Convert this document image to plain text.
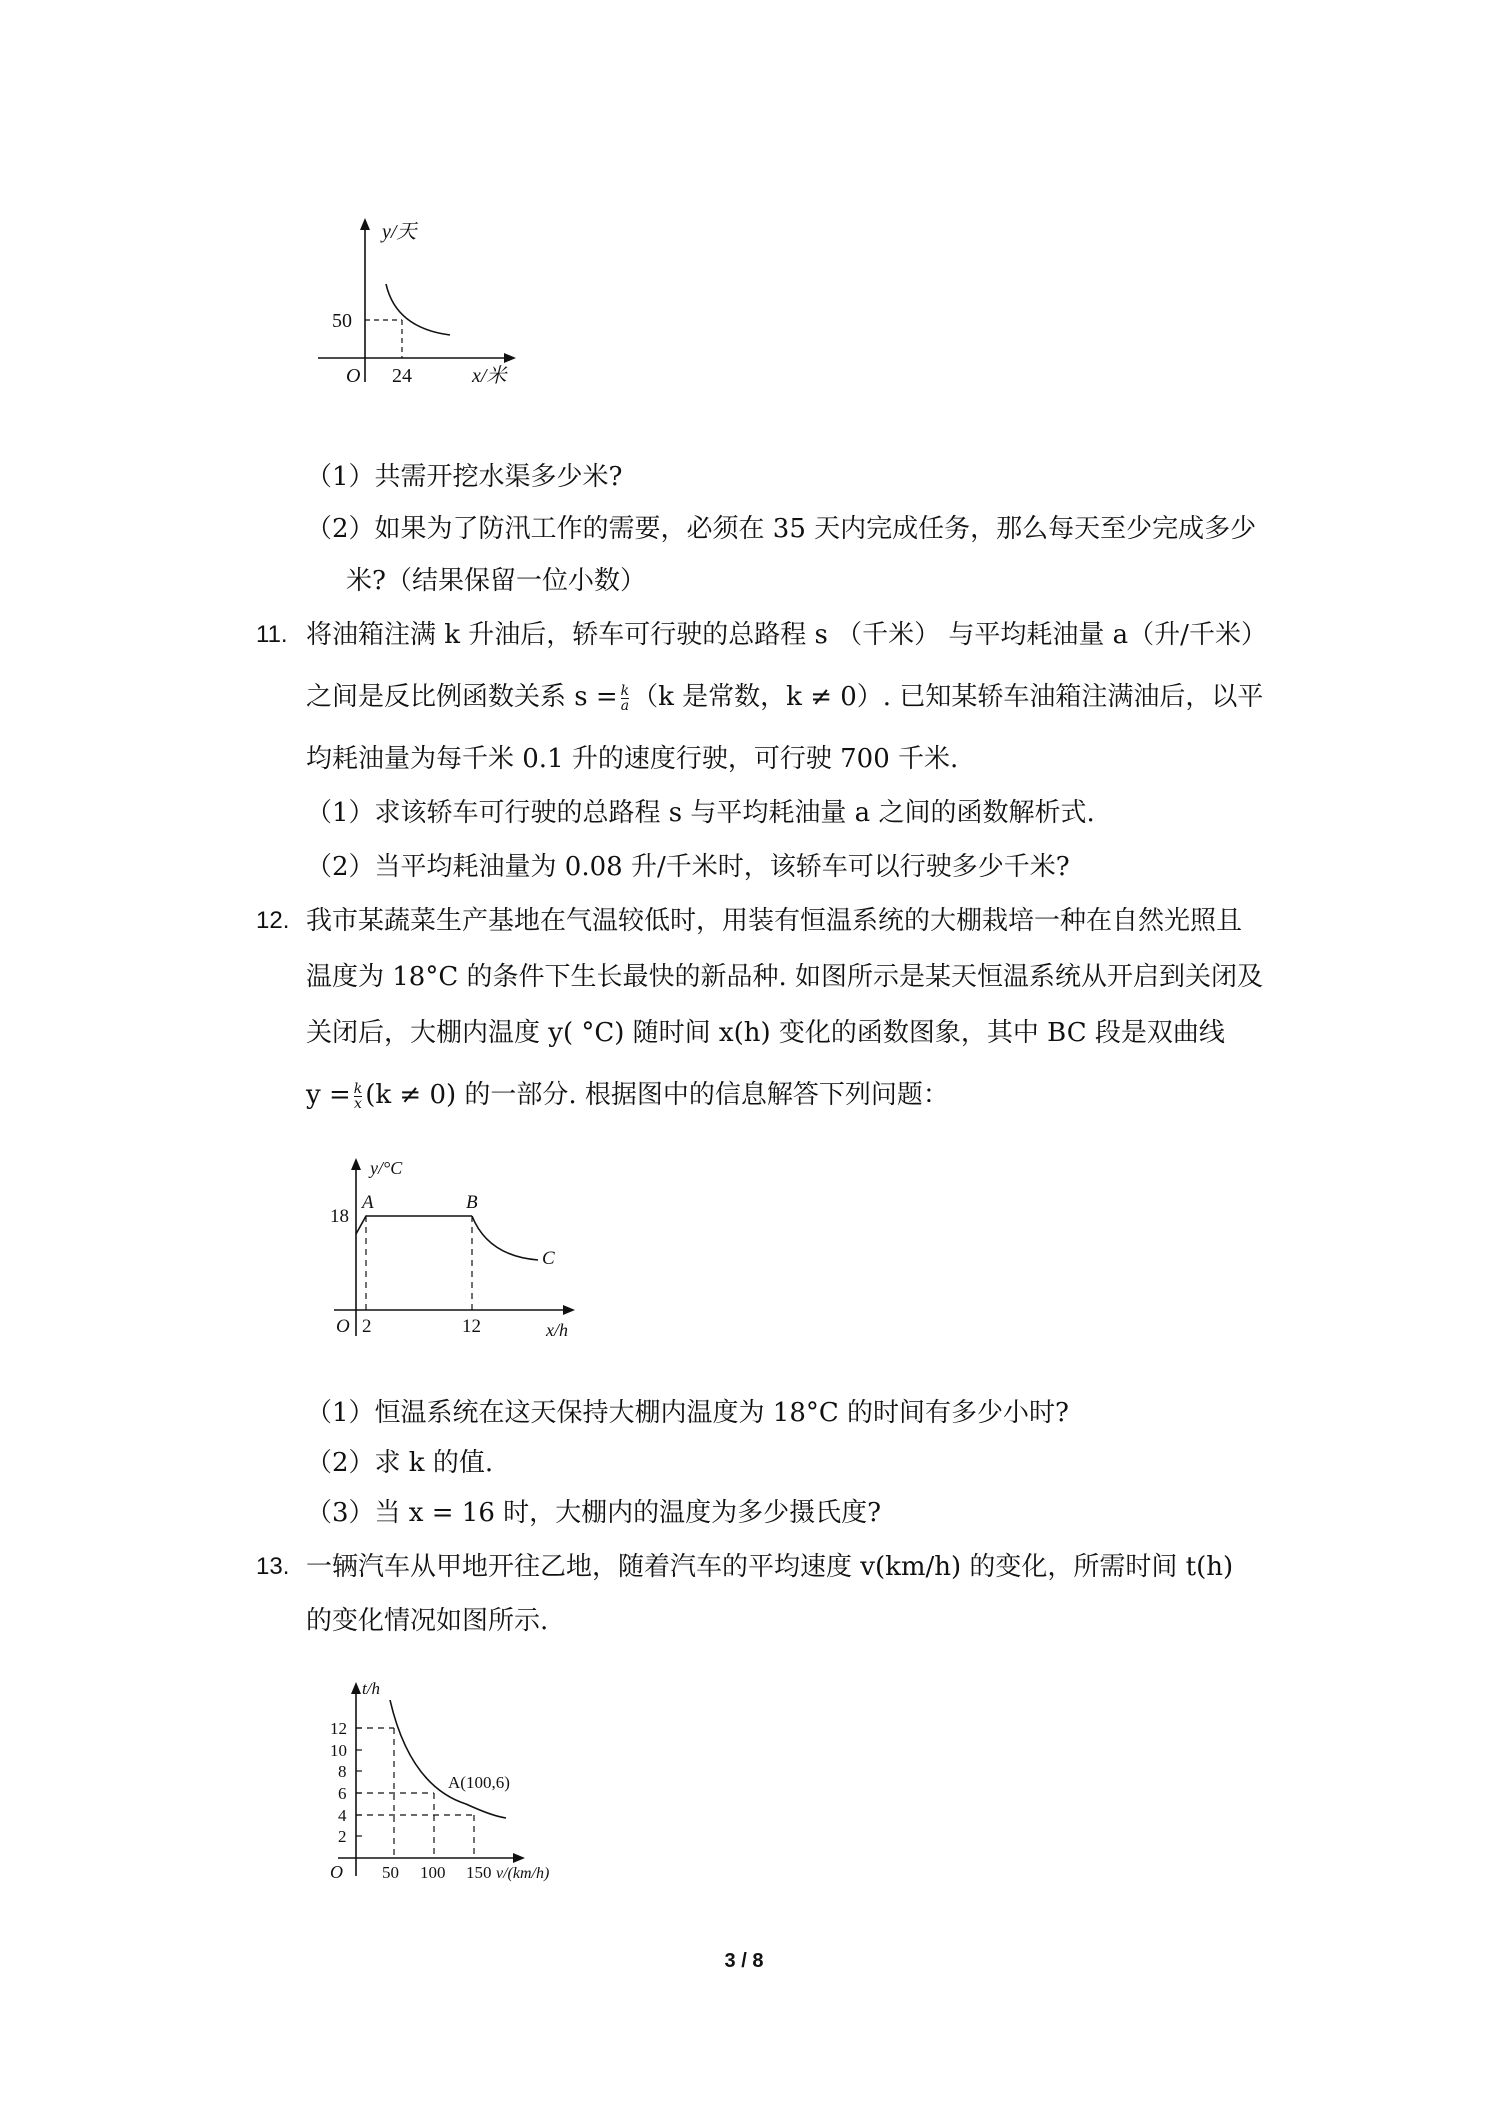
y/天
50
24
O	x/米
（1）共需开挖水渠多少米?
（2）如果为了防汛工作的需要，必须在 35 天内完成任务，那么每天至少完成多少
米?（结果保留一位小数）
11. 将油箱注满 k 升油后，轿车可行驶的总路程 s （千米） 与平均耗油量 a（升/千米）
之间是反比例函数关系 $s = \frac{k}{a} (k$ 是常数，k ≠ 0）. 已知某轿车油箱注满油后，以平
均耗油量为每千米 0.1 升的速度行驶，可行驶 700 千米.
（1）求该轿车可行驶的总路程 s 与平均耗油量 a 之间的函数解析式.
（2）当平均耗油量为 0.08 升/千米时，该轿车可以行驶多少千米?
12. 我市某蔬菜生产基地在气温较低时，用装有恒温系统的大棚栽培一种在自然光照且
温度为 18°C 的条件下生长最快的新品种. 如图所示是某天恒温系统从开启到关闭及
关闭后，大棚内温度 y( °C) 随时间 x(h) 变化的函数图象，其中 BC 段是双曲线
$y = \frac{k}{x} (k \ne 0)$ 的一部分. 根据图中的信息解答下列问题：
y/°C
18
A	B
C
O 2	12	x/h
（1）恒温系统在这天保持大棚内温度为 18°C 的时间有多少小时?
（2）求 k 的值.
（3）当 x = 16 时，大棚内的温度为多少摄氏度?
13. 一辆汽车从甲地开往乙地，随着汽车的平均速度 v(km/h) 的变化，所需时间 t(h)
的变化情况如图所示.
t/h
12
10
8
6
4
2
O 50 100 150 v/(km/h)
A(100,6)
3 / 8
